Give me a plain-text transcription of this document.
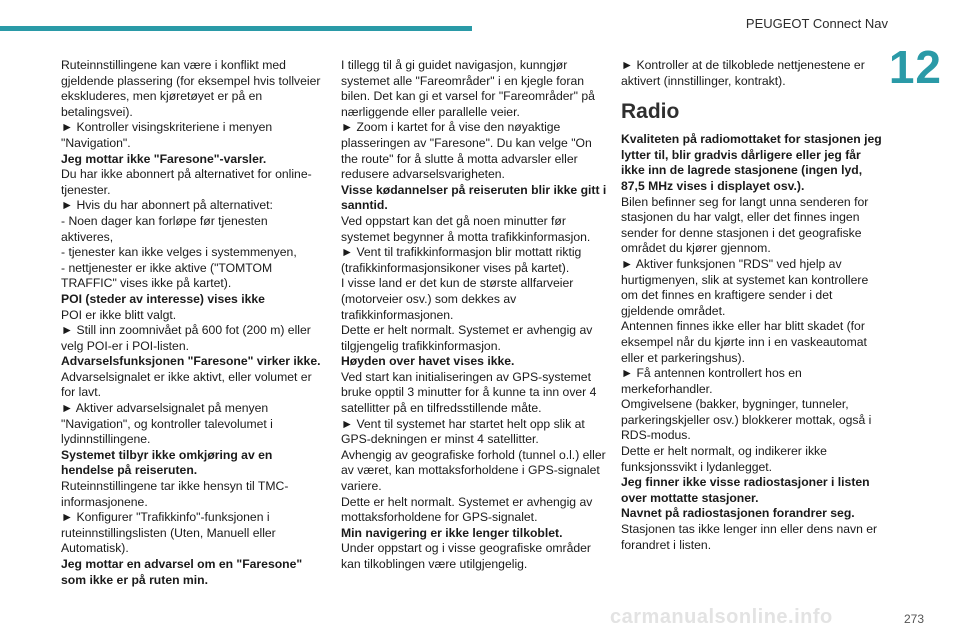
PEUGEOT Connect Nav
12

Ruteinnstillingene kan være i konflikt med gjeldende plassering (for eksempel hvis tollveier ekskluderes, men kjøretøyet er på en betalingsvei).

► Kontroller visingskriteriene i menyen "Navigation".

Jeg mottar ikke "Faresone"-varsler.

Du har ikke abonnert på alternativet for online-tjenester.

► Hvis du har abonnert på alternativet:

- Noen dager kan forløpe før tjenesten aktiveres,

- tjenester kan ikke velges i systemmenyen,

- nettjenester er ikke aktive ("TOMTOM TRAFFIC" vises ikke på kartet).

POI (steder av interesse) vises ikke

POI er ikke blitt valgt.

► Still inn zoomnivået på 600 fot (200 m) eller velg POI-er i POI-listen.

Advarselsfunksjonen "Faresone" virker ikke.

Advarselsignalet er ikke aktivt, eller volumet er for lavt.

► Aktiver advarselsignalet på menyen "Navigation", og kontroller talevolumet i lydinnstillingene.

Systemet tilbyr ikke omkjøring av en hendelse på reiseruten.

Ruteinnstillingene tar ikke hensyn til TMC-informasjonene.

► Konfigurer "Trafikkinfo"-funksjonen i ruteinnstillingslisten (Uten, Manuell eller Automatisk).

Jeg mottar en advarsel om en "Faresone" som ikke er på ruten min.

I tillegg til å gi guidet navigasjon, kunngjør systemet alle "Fareområder" i en kjegle foran bilen. Det kan gi et varsel for "Fareområder" på nærliggende eller parallelle veier.

► Zoom i kartet for å vise den nøyaktige plasseringen av "Faresone". Du kan velge "On the route" for å slutte å motta advarsler eller redusere advarselsvarigheten.

Visse kødannelser på reiseruten blir ikke gitt i sanntid.

Ved oppstart kan det gå noen minutter før systemet begynner å motta trafikkinformasjon.

► Vent til trafikkinformasjon blir mottatt riktig (trafikkinformasjonsikoner vises på kartet).

I visse land er det kun de største allfarveier (motorveier osv.) som dekkes av trafikkinformasjonen.

Dette er helt normalt. Systemet er avhengig av tilgjengelig trafikkinformasjon.

Høyden over havet vises ikke.

Ved start kan initialiseringen av GPS-systemet bruke opptil 3 minutter for å kunne ta inn over 4 satellitter på en tilfredsstillende måte.

► Vent til systemet har startet helt opp slik at GPS-dekningen er minst 4 satellitter.

Avhengig av geografiske forhold (tunnel o.l.) eller av været, kan mottaksforholdene i GPS-signalet variere.

Dette er helt normalt. Systemet er avhengig av mottaksforholdene for GPS-signalet.

Min navigering er ikke lenger tilkoblet.

Under oppstart og i visse geografiske områder kan tilkoblingen være utilgjengelig.

► Kontroller at de tilkoblede nettjenestene er aktivert (innstillinger, kontrakt).

Radio

Kvaliteten på radiomottaket for stasjonen jeg lytter til, blir gradvis dårligere eller jeg får ikke inn de lagrede stasjonene (ingen lyd, 87,5 MHz vises i displayet osv.).

Bilen befinner seg for langt unna senderen for stasjonen du har valgt, eller det finnes ingen sender for denne stasjonen i det geografiske området du kjører gjennom.

► Aktiver funksjonen "RDS" ved hjelp av hurtigmenyen, slik at systemet kan kontrollere om det finnes en kraftigere sender i det gjeldende området.

Antennen finnes ikke eller har blitt skadet (for eksempel når du kjørte inn i en vaskeautomat eller et parkeringshus).

► Få antennen kontrollert hos en merkeforhandler.

Omgivelsene (bakker, bygninger, tunneler, parkeringskjeller osv.) blokkerer mottak, også i RDS-modus.

Dette er helt normalt, og indikerer ikke funksjonssvikt i lydanlegget.

Jeg finner ikke visse radiostasjoner i listen over mottatte stasjoner.

Navnet på radiostasjonen forandrer seg.

Stasjonen tas ikke lenger inn eller dens navn er forandret i listen.

carmanualsonline.info	273
